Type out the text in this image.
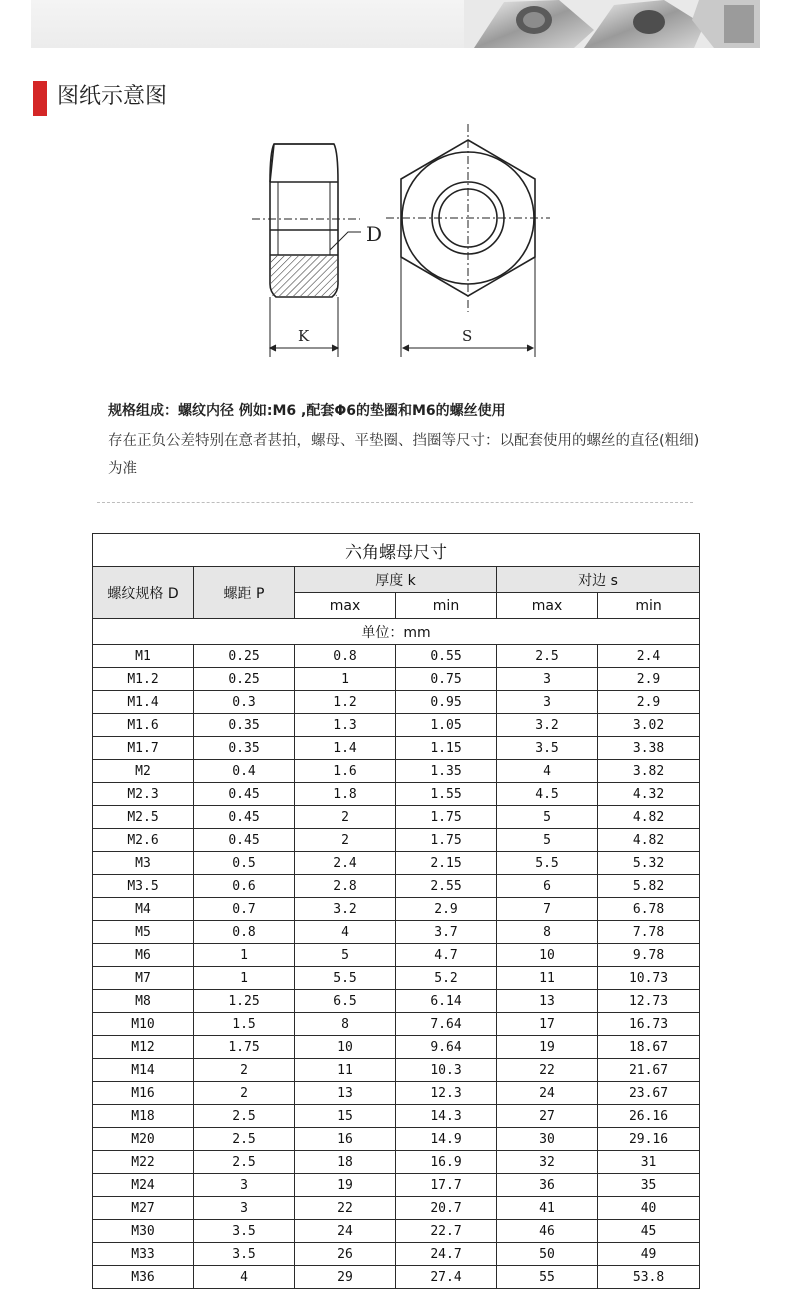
图纸示意图
D
K	S
规格组成：螺纹内径 例如:M6 ,配套Φ6的垫圈和M6的螺丝使用
存在正负公差特别在意者甚拍，螺母、平垫圈、挡圈等尺寸：以配套使用的螺丝的直径(粗细)为准
六角螺母尺寸					
螺纹规格 D	螺距 P	厚度 k		对边 s	
		max	min	max	min
单位：mm					
M1	0.25	0.8	0.55	2.5	2.4
M1.2	0.25	1	0.75	3	2.9
M1.4	0.3	1.2	0.95	3	2.9
M1.6	0.35	1.3	1.05	3.2	3.02
M1.7	0.35	1.4	1.15	3.5	3.38
M2	0.4	1.6	1.35	4	3.82
M2.3	0.45	1.8	1.55	4.5	4.32
M2.5	0.45	2	1.75	5	4.82
M2.6	0.45	2	1.75	5	4.82
M3	0.5	2.4	2.15	5.5	5.32
M3.5	0.6	2.8	2.55	6	5.82
M4	0.7	3.2	2.9	7	6.78
M5	0.8	4	3.7	8	7.78
M6	1	5	4.7	10	9.78
M7	1	5.5	5.2	11	10.73
M8	1.25	6.5	6.14	13	12.73
M10	1.5	8	7.64	17	16.73
M12	1.75	10	9.64	19	18.67
M14	2	11	10.3	22	21.67
M16	2	13	12.3	24	23.67
M18	2.5	15	14.3	27	26.16
M20	2.5	16	14.9	30	29.16
M22	2.5	18	16.9	32	31
M24	3	19	17.7	36	35
M27	3	22	20.7	41	40
M30	3.5	24	22.7	46	45
M33	3.5	26	24.7	50	49
M36	4	29	27.4	55	53.8
